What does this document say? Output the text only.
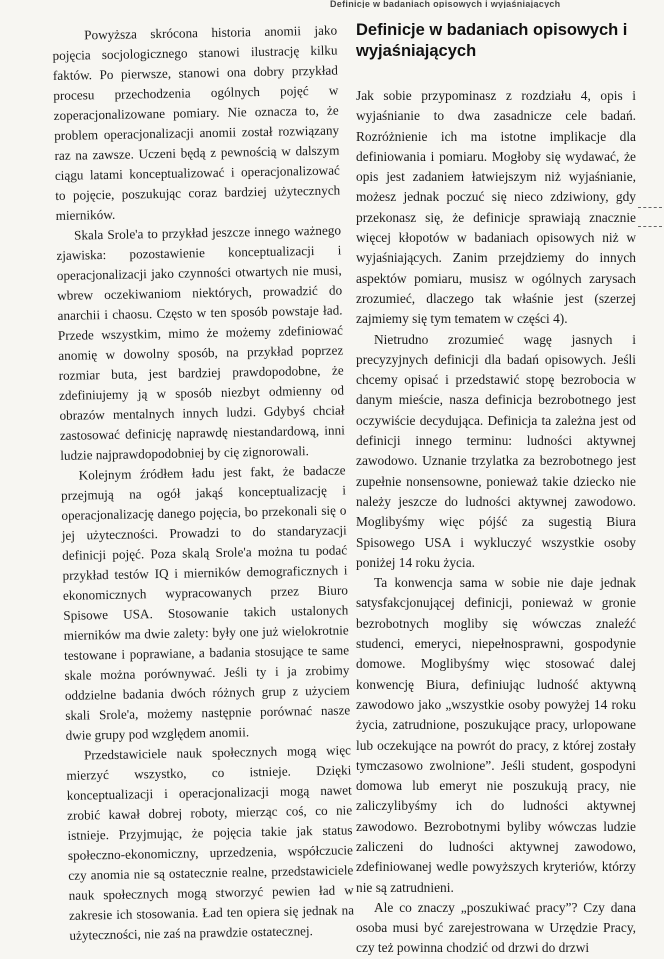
Definicje w badaniach opisowych i wyjaśniających

Powyższa skrócona historia anomii jako pojęcia socjologicznego stanowi ilustrację kilku faktów. Po pierwsze, stanowi ona dobry przykład procesu przechodzenia ogólnych pojęć w zoperacjonalizowane pomiary. Nie oznacza to, że problem operacjonalizacji anomii został rozwiązany raz na zawsze. Uczeni będą z pewnością w dalszym ciągu latami konceptualizować i operacjonalizować to pojęcie, poszukując coraz bardziej użytecznych mierników.

Skala Srole'a to przykład jeszcze innego ważnego zjawiska: pozostawienie konceptualizacji i operacjonalizacji jako czynności otwartych nie musi, wbrew oczekiwaniom niektórych, prowadzić do anarchii i chaosu. Często w ten sposób powstaje ład. Przede wszystkim, mimo że możemy zdefiniować anomię w dowolny sposób, na przykład poprzez rozmiar buta, jest bardziej prawdopodobne, że zdefiniujemy ją w sposób niezbyt odmienny od obrazów mentalnych innych ludzi. Gdybyś chciał zastosować definicję naprawdę niestandardową, inni ludzie najprawdopodobniej by cię zignorowali.

Kolejnym źródłem ładu jest fakt, że badacze przejmują na ogół jakąś konceptualizację i operacjonalizację danego pojęcia, bo przekonali się o jej użyteczności. Prowadzi to do standaryzacji definicji pojęć. Poza skalą Srole'a można tu podać przykład testów IQ i mierników demograficznych i ekonomicznych wypracowanych przez Biuro Spisowe USA. Stosowanie takich ustalonych mierników ma dwie zalety: były one już wielokrotnie testowane i poprawiane, a badania stosujące te same skale można porównywać. Jeśli ty i ja zrobimy oddzielne badania dwóch różnych grup z użyciem skali Srole'a, możemy następnie porównać nasze dwie grupy pod względem anomii.

Przedstawiciele nauk społecznych mogą więc mierzyć wszystko, co istnieje. Dzięki konceptualizacji i operacjonalizacji mogą nawet zrobić kawał dobrej roboty, mierząc coś, co nie istnieje. Przyjmując, że pojęcia takie jak status społeczno-ekonomiczny, uprzedzenia, współczucie czy anomia nie są ostatecznie realne, przedstawiciele nauk społecznych mogą stworzyć pewien ład w zakresie ich stosowania. Ład ten opiera się jednak na użyteczności, nie zaś na prawdzie ostatecznej.

Definicje w badaniach opisowych i wyjaśniających

Jak sobie przypominasz z rozdziału 4, opis i wyjaśnianie to dwa zasadnicze cele badań. Rozróżnienie ich ma istotne implikacje dla definiowania i pomiaru. Mogłoby się wydawać, że opis jest zadaniem łatwiejszym niż wyjaśnianie, możesz jednak poczuć się nieco zdziwiony, gdy przekonasz się, że definicje sprawiają znacznie więcej kłopotów w badaniach opisowych niż w wyjaśniających. Zanim przejdziemy do innych aspektów pomiaru, musisz w ogólnych zarysach zrozumieć, dlaczego tak właśnie jest (szerzej zajmiemy się tym tematem w części 4).

Nietrudno zrozumieć wagę jasnych i precyzyjnych definicji dla badań opisowych. Jeśli chcemy opisać i przedstawić stopę bezrobocia w danym mieście, nasza definicja bezrobotnego jest oczywiście decydująca. Definicja ta zależna jest od definicji innego terminu: ludności aktywnej zawodowo. Uznanie trzylatka za bezrobotnego jest zupełnie nonsensowne, ponieważ takie dziecko nie należy jeszcze do ludności aktywnej zawodowo. Moglibyśmy więc pójść za sugestią Biura Spisowego USA i wykluczyć wszystkie osoby poniżej 14 roku życia.

Ta konwencja sama w sobie nie daje jednak satysfakcjonującej definicji, ponieważ w gronie bezrobotnych mogliby się wówczas znaleźć studenci, emeryci, niepełnosprawni, gospodynie domowe. Moglibyśmy więc stosować dalej konwencję Biura, definiując ludność aktywną zawodowo jako „wszystkie osoby powyżej 14 roku życia, zatrudnione, poszukujące pracy, urlopowane lub oczekujące na powrót do pracy, z której zostały tymczasowo zwolnione”. Jeśli student, gospodyni domowa lub emeryt nie poszukują pracy, nie zaliczylibyśmy ich do ludności aktywnej zawodowo. Bezrobotnymi byliby wówczas ludzie zaliczeni do ludności aktywnej zawodowo, zdefiniowanej wedle powyższych kryteriów, którzy nie są zatrudnieni.

Ale co znaczy „poszukiwać pracy”? Czy dana osoba musi być zarejestrowana w Urzędzie Pracy, czy też powinna chodzić od drzwi do drzwi
